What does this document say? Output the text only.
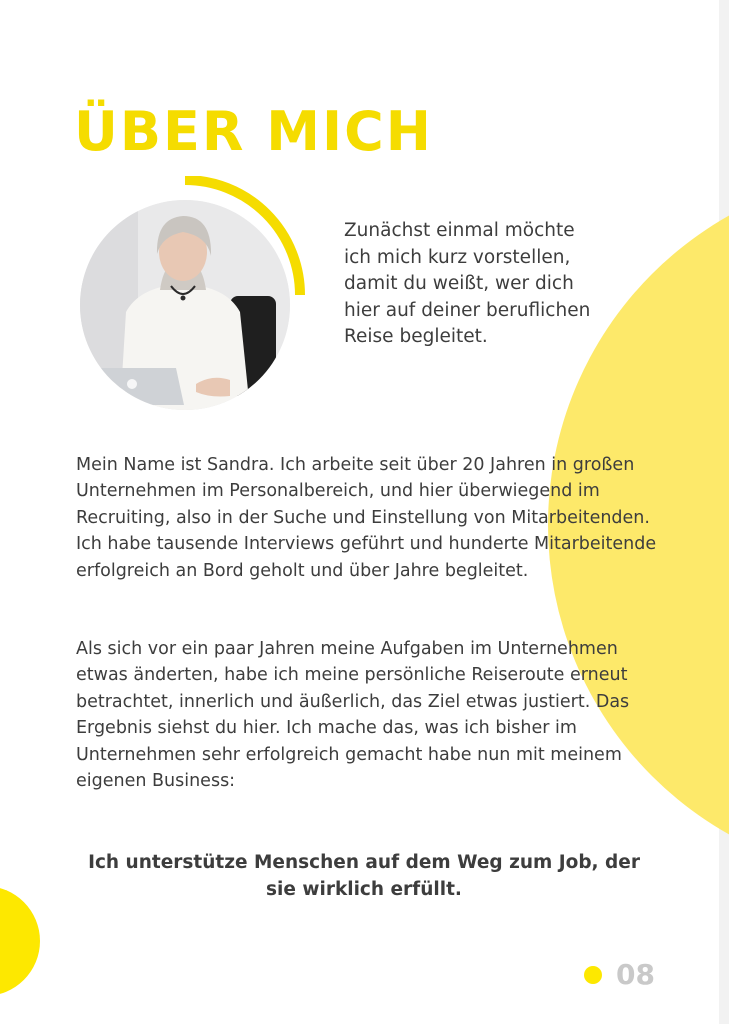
ÜBER MICH

Zunächst einmal möchte ich mich kurz vorstellen, damit du weißt, wer dich hier auf deiner beruflichen Reise begleitet.

Mein Name ist Sandra. Ich arbeite seit über 20 Jahren in großen Unternehmen im Personalbereich, und hier überwiegend im Recruiting, also in der Suche und Einstellung von Mitarbeitenden. Ich habe tausende Interviews geführt und hunderte Mitarbeitende erfolgreich an Bord geholt und über Jahre begleitet.

Als sich vor ein paar Jahren meine Aufgaben im Unternehmen etwas änderten, habe ich meine persönliche Reiseroute erneut betrachtet, innerlich und äußerlich, das Ziel etwas justiert. Das Ergebnis siehst du hier. Ich mache das, was ich bisher im Unternehmen sehr erfolgreich gemacht habe nun mit meinem eigenen Business:

Ich unterstütze Menschen auf dem Weg zum Job, der sie wirklich erfüllt.

08
